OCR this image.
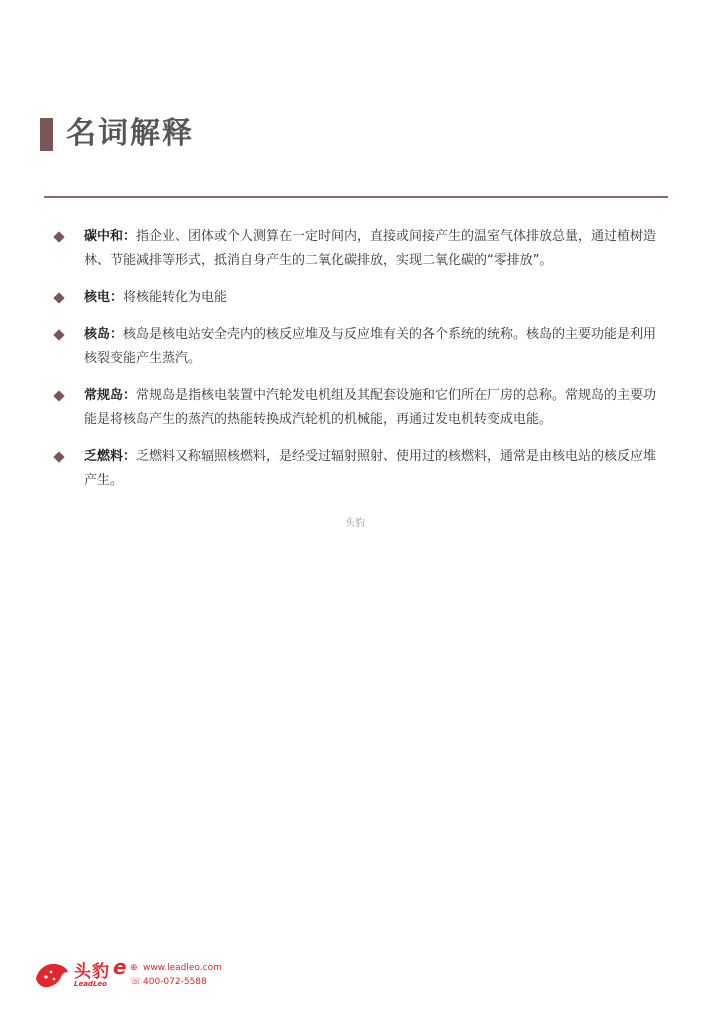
名词解释
碳中和：指企业、团体或个人测算在一定时间内，直接或间接产生的温室气体排放总量，通过植树造林、节能减排等形式，抵消自身产生的二氧化碳排放，实现二氧化碳的“零排放”。
核电：将核能转化为电能
核岛：核岛是核电站安全壳内的核反应堆及与反应堆有关的各个系统的统称。核岛的主要功能是利用核裂变能产生蒸汽。
常规岛：常规岛是指核电装置中汽轮发电机组及其配套设施和它们所在厂房的总称。常规岛的主要功能是将核岛产生的蒸汽的热能转换成汽轮机的机械能，再通过发电机转变成电能。
乏燃料：乏燃料又称辐照核燃料，是经受过辐射照射、使用过的核燃料，通常是由核电站的核反应堆产生。
头豹
头豹 e
LeadLeo
⊕ www.leadleo.com
☏ 400-072-5588
